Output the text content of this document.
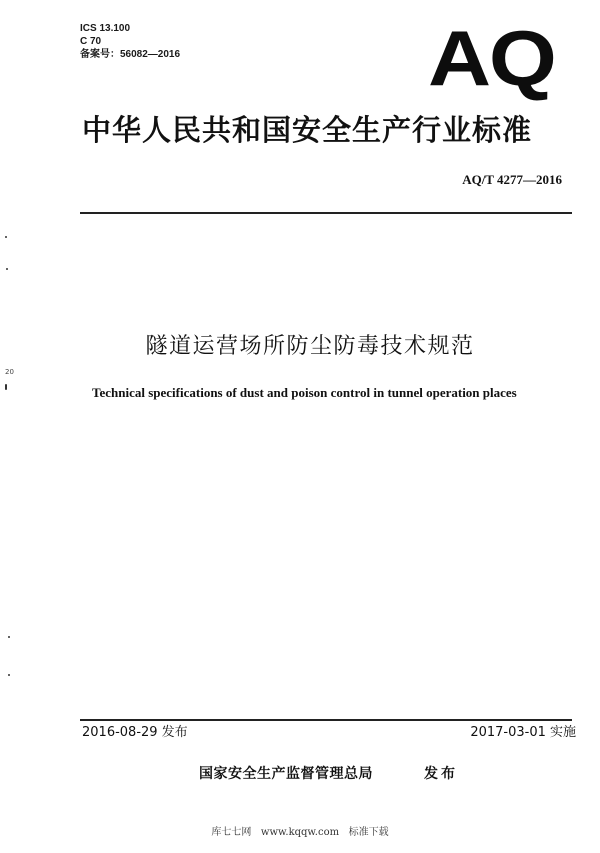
ICS 13.100
C 70
备案号：56082—2016	AQ
中华人民共和国安全生产行业标准
AQ/T 4277—2016
隧道运营场所防尘防毒技术规范
Technical specifications of dust and poison control in tunnel operation places
20
2016-08-29 发布	2017-03-01 实施
国家安全生产监督管理总局	发布
库七七网   www.kqqw.com   标准下载
